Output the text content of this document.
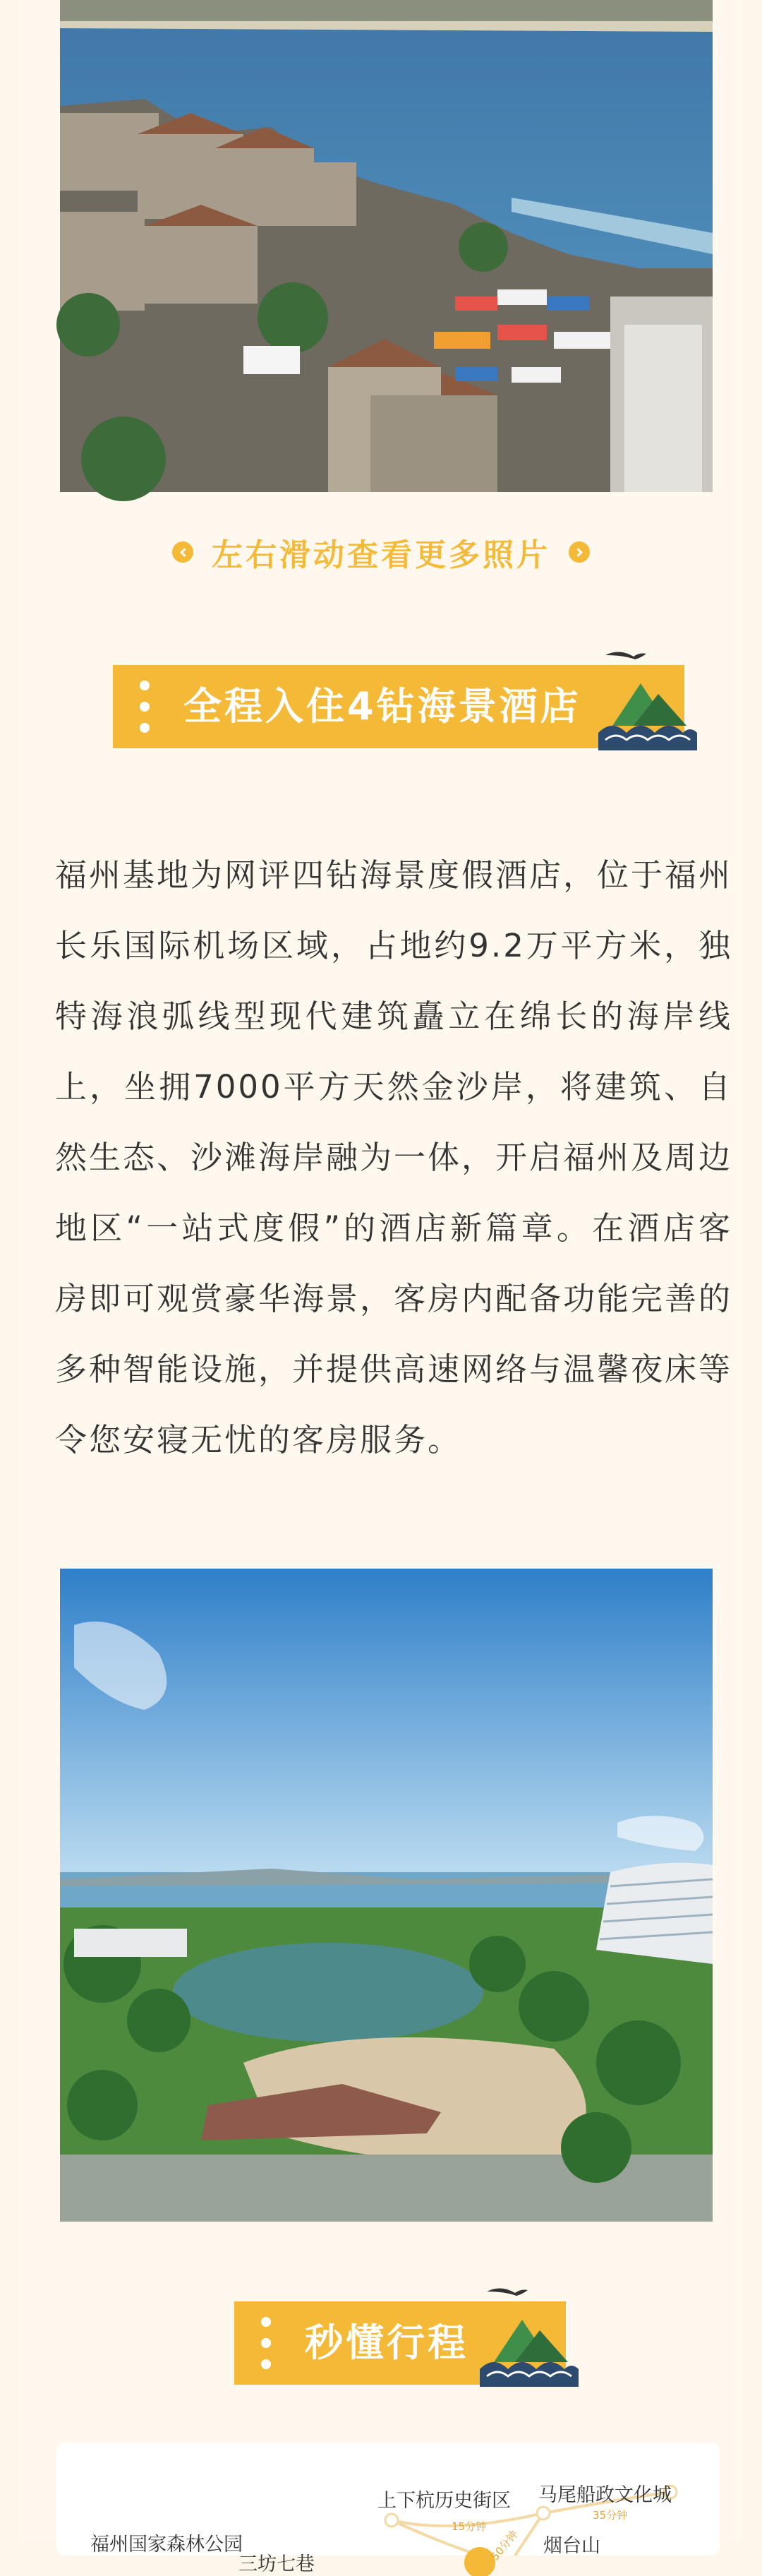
左右滑动查看更多照片
全程入住4钻海景酒店
福州基地为网评四钻海景度假酒店，位于福州长乐国际机场区域，占地约9.2万平方米，独特海浪弧线型现代建筑矗立在绵长的海岸线上，坐拥7000平方天然金沙岸，将建筑、自然生态、沙滩海岸融为一体，开启福州及周边地区“一站式度假”的酒店新篇章。在酒店客房即可观赏豪华海景，客房内配备功能完善的多种智能设施，并提供高速网络与温馨夜床等令您安寝无忧的客房服务。
秒懂行程
上下杭历史街区 马尾船政文化城
福州国家森林公园	烟台山
三坊七巷
15分钟
35分钟
50分钟
